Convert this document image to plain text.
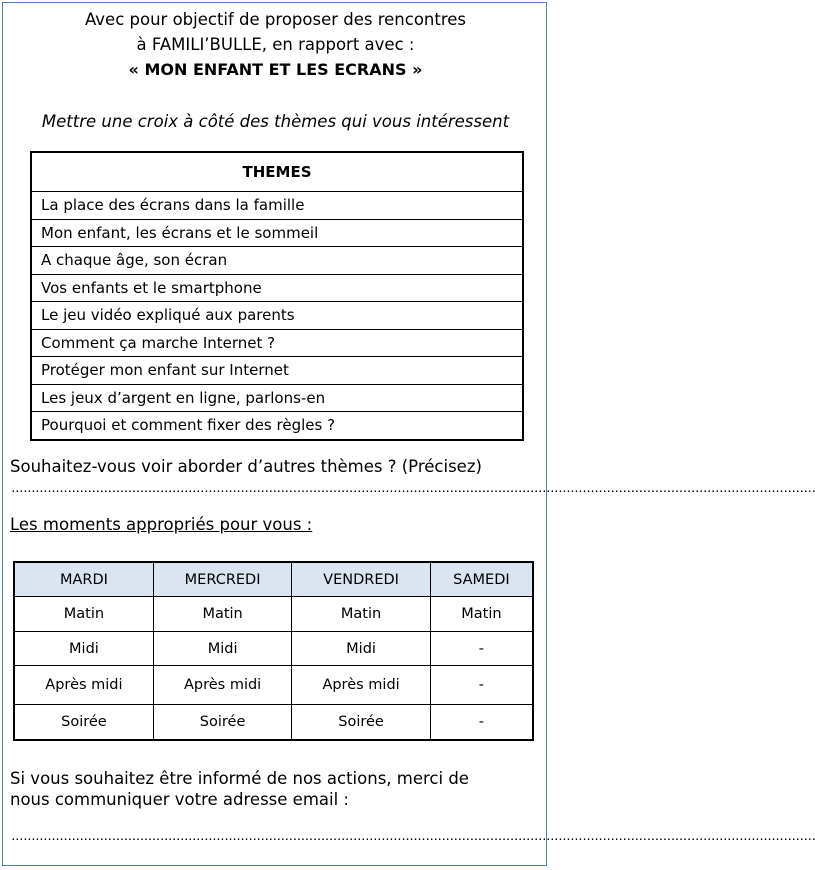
Avec pour objectif de proposer des rencontres
à FAMILI’BULLE, en rapport avec :
« MON ENFANT ET LES ECRANS »
Mettre une croix à côté des thèmes qui vous intéressent
THEMES
La place des écrans dans la famille
Mon enfant, les écrans et le sommeil
A chaque âge, son écran
Vos enfants et le smartphone
Le jeu vidéo expliqué aux parents
Comment ça marche Internet ?
Protéger mon enfant sur Internet
Les jeux d’argent en ligne, parlons-en
Pourquoi et comment fixer des règles ?
Souhaitez-vous voir aborder d’autres thèmes ? (Précisez)
........................................................................................................................................................................................................
Les moments appropriés pour vous :
MARDI	MERCREDI	VENDREDI	SAMEDI
Matin	Matin	Matin	Matin
Midi	Midi	Midi	-
Après midi	Après midi	Après midi	-
Soirée	Soirée	Soirée	-
Si vous souhaitez être informé de nos actions, merci de
nous communiquer votre adresse email :
........................................................................................................................................................................................................
